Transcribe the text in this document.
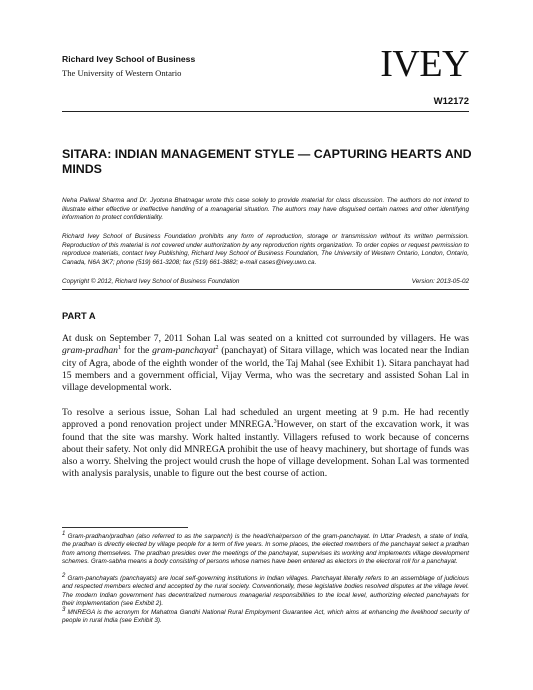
Richard Ivey School of Business
The University of Western Ontario	IVEY
W12172
SITARA: INDIAN MANAGEMENT STYLE — CAPTURING HEARTS AND MINDS

Neha Paliwal Sharma and Dr. Jyotsna Bhatnagar wrote this case solely to provide material for class discussion. The authors do not intend to illustrate either effective or ineffective handling of a managerial situation. The authors may have disguised certain names and other identifying information to protect confidentiality.

Richard Ivey School of Business Foundation prohibits any form of reproduction, storage or transmission without its written permission. Reproduction of this material is not covered under authorization by any reproduction rights organization. To order copies or request permission to reproduce materials, contact Ivey Publishing, Richard Ivey School of Business Foundation, The University of Western Ontario, London, Ontario, Canada, N6A 3K7; phone (519) 661-3208; fax (519) 661-3882; e-mail cases@ivey.uwo.ca.

Copyright © 2012, Richard Ivey School of Business Foundation	Version: 2013-05-02
PART A

At dusk on September 7, 2011 Sohan Lal was seated on a knitted cot surrounded by villagers. He was gram-pradhan$^1$ for the gram-panchayat$^2$ (panchayat) of Sitara village, which was located near the Indian city of Agra, abode of the eighth wonder of the world, the Taj Mahal (see Exhibit 1). Sitara panchayat had 15 members and a government official, Vijay Verma, who was the secretary and assisted Sohan Lal in village developmental work.

To resolve a serious issue, Sohan Lal had scheduled an urgent meeting at 9 p.m. He had recently approved a pond renovation project under MNREGA.$^3$However, on start of the excavation work, it was found that the site was marshy. Work halted instantly. Villagers refused to work because of concerns about their safety. Not only did MNREGA prohibit the use of heavy machinery, but shortage of funds was also a worry. Shelving the project would crush the hope of village development. Sohan Lal was tormented with analysis paralysis, unable to figure out the best course of action.

$^1$ Gram-pradhan/pradhan (also referred to as the sarpanch) is the head/chairperson of the gram-panchayat. In Uttar Pradesh, a state of India, the pradhan is directly elected by village people for a term of five years. In some places, the elected members of the panchayat select a pradhan from among themselves. The pradhan presides over the meetings of the panchayat, supervises its working and implements village development schemes. Gram-sabha means a body consisting of persons whose names have been entered as electors in the electoral roll for a panchayat.

$^2$ Gram-panchayats (panchayats) are local self-governing institutions in Indian villages. Panchayat literally refers to an assemblage of judicious and respected members elected and accepted by the rural society. Conventionally, these legislative bodies resolved disputes at the village level. The modern Indian government has decentralized numerous managerial responsibilities to the local level, authorizing elected panchayats for their implementation (see Exhibit 2).

$^3$ MNREGA is the acronym for Mahatma Gandhi National Rural Employment Guarantee Act, which aims at enhancing the livelihood security of people in rural India (see Exhibit 3).
